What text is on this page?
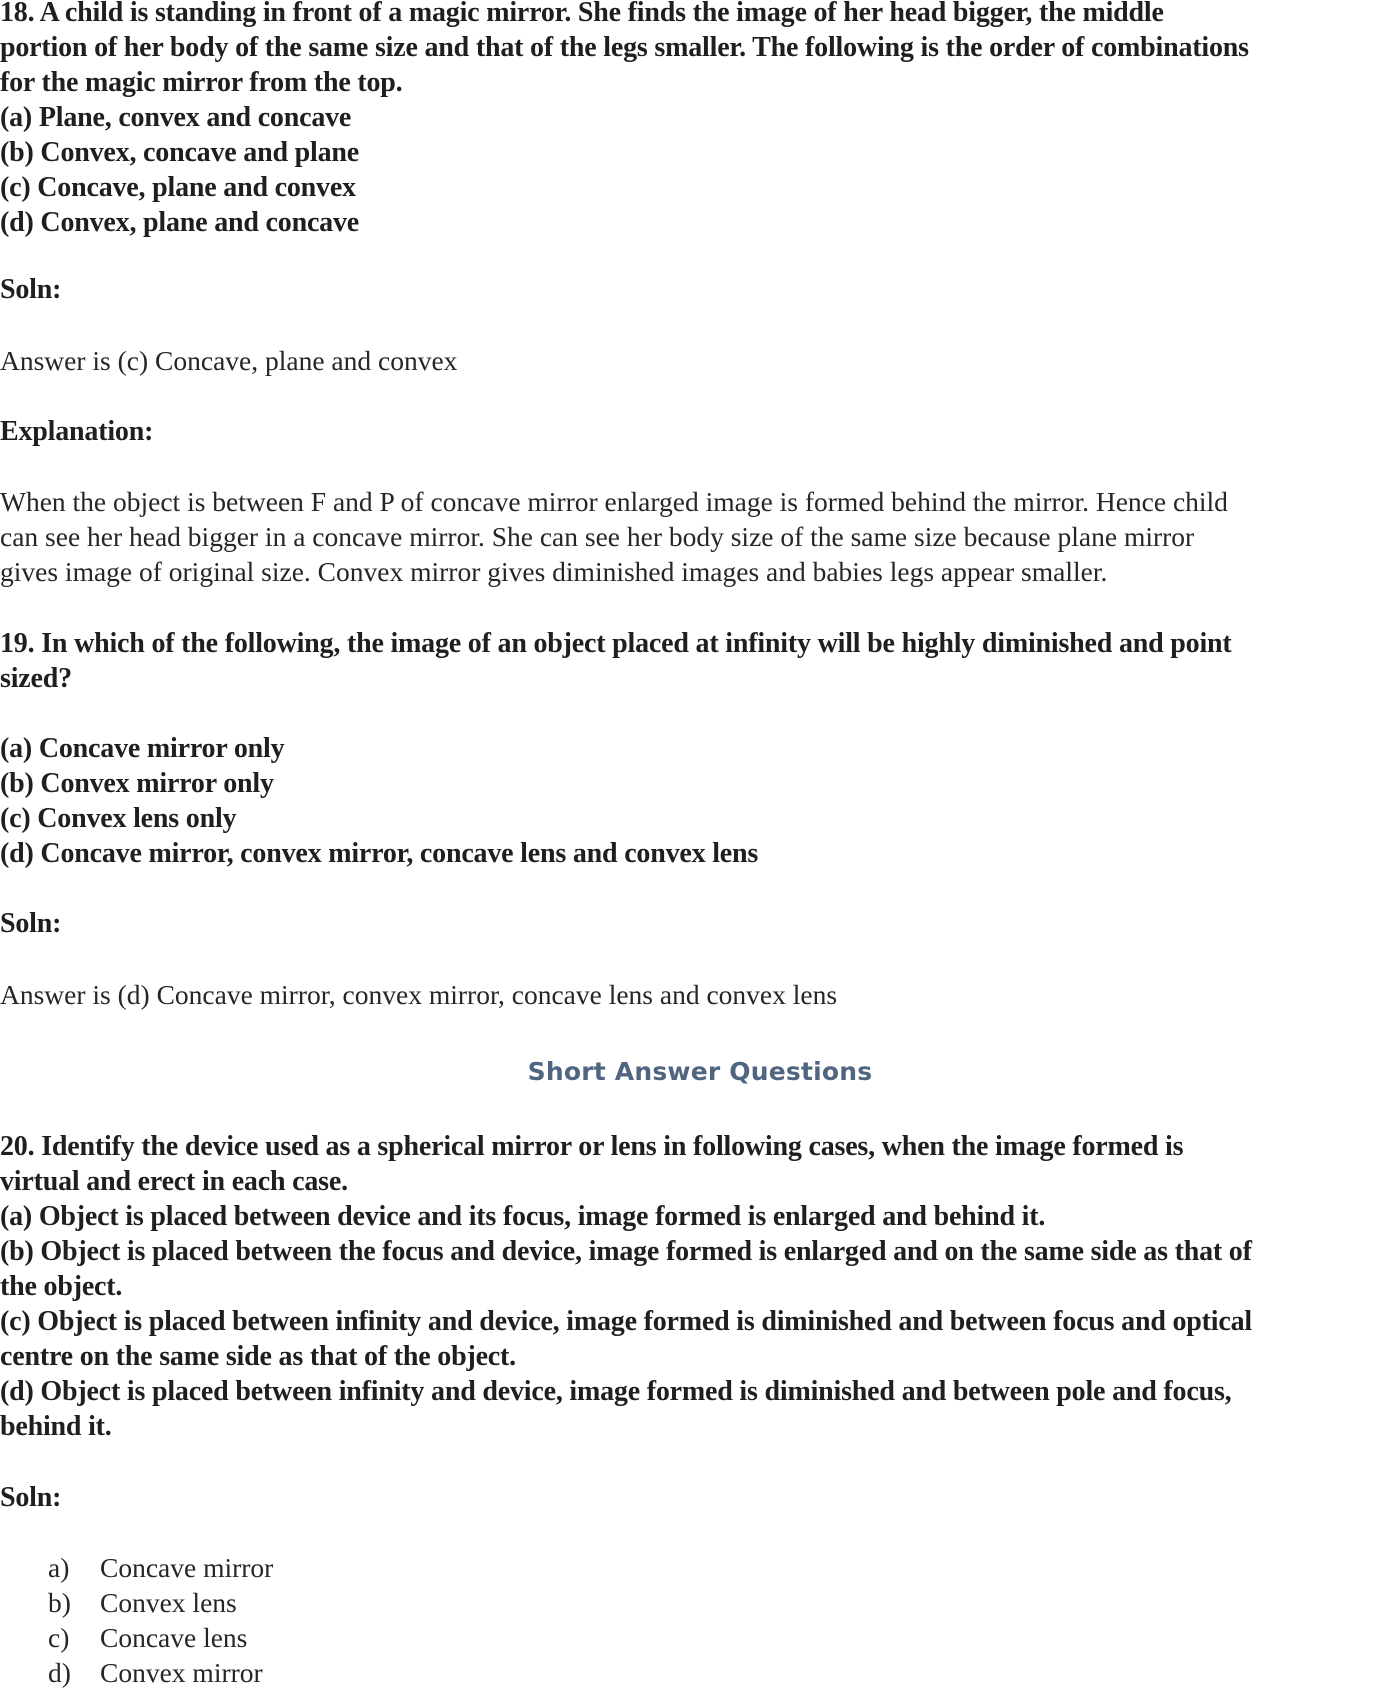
18. A child is standing in front of a magic mirror. She finds the image of her head bigger, the middle
portion of her body of the same size and that of the legs smaller. The following is the order of combinations
for the magic mirror from the top.
(a) Plane, convex and concave
(b) Convex, concave and plane
(c) Concave, plane and convex
(d) Convex, plane and concave
Soln:
Answer is (c) Concave, plane and convex
Explanation:
When the object is between F and P of concave mirror enlarged image is formed behind the mirror. Hence child
can see her head bigger in a concave mirror. She can see her body size of the same size because plane mirror
gives image of original size. Convex mirror gives diminished images and babies legs appear smaller.
19. In which of the following, the image of an object placed at infinity will be highly diminished and point
sized?
(a) Concave mirror only
(b) Convex mirror only
(c) Convex lens only
(d) Concave mirror, convex mirror, concave lens and convex lens
Soln:
Answer is (d) Concave mirror, convex mirror, concave lens and convex lens
Short Answer Questions
20. Identify the device used as a spherical mirror or lens in following cases, when the image formed is
virtual and erect in each case.
(a) Object is placed between device and its focus, image formed is enlarged and behind it.
(b) Object is placed between the focus and device, image formed is enlarged and on the same side as that of
the object.
(c) Object is placed between infinity and device, image formed is diminished and between focus and optical
centre on the same side as that of the object.
(d) Object is placed between infinity and device, image formed is diminished and between pole and focus,
behind it.
Soln:
a) Concave mirror
b) Convex lens
c) Concave lens
d) Convex mirror
